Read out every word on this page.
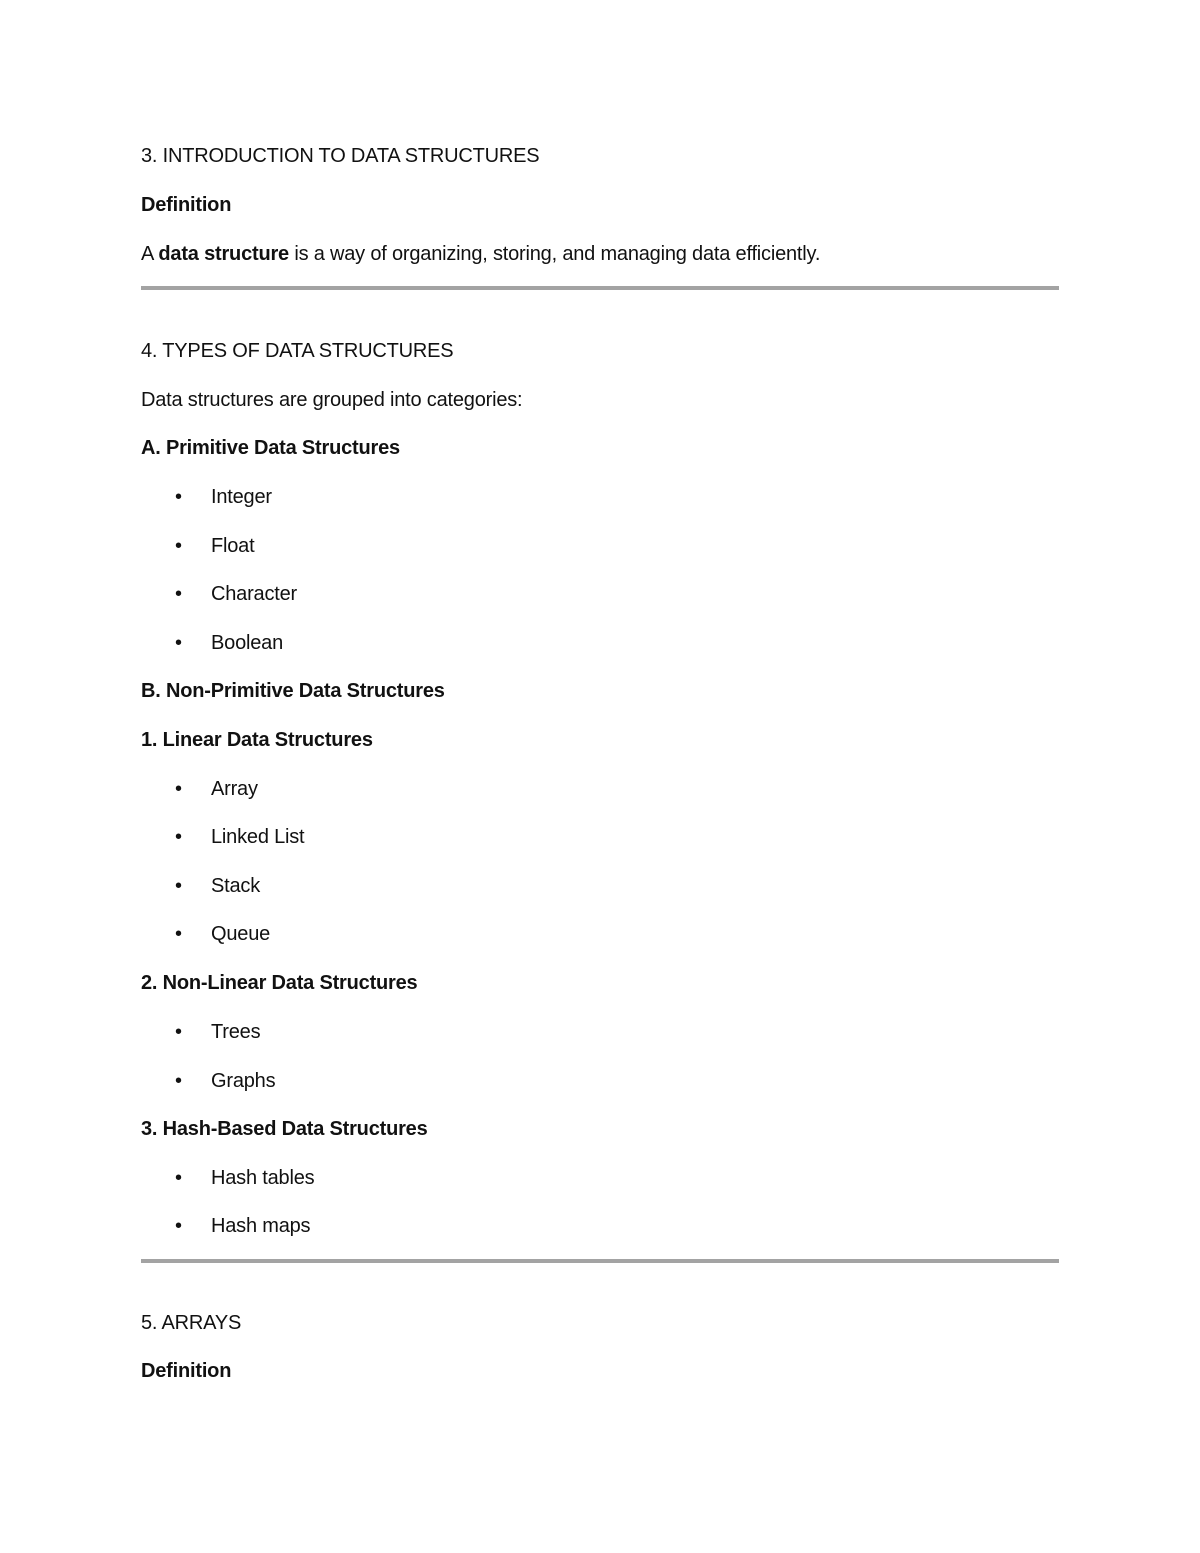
3. INTRODUCTION TO DATA STRUCTURES
Definition
A data structure is a way of organizing, storing, and managing data efficiently.
4. TYPES OF DATA STRUCTURES
Data structures are grouped into categories:
A. Primitive Data Structures
• Integer
• Float
• Character
• Boolean
B. Non-Primitive Data Structures
1. Linear Data Structures
• Array
• Linked List
• Stack
• Queue
2. Non-Linear Data Structures
• Trees
• Graphs
3. Hash-Based Data Structures
• Hash tables
• Hash maps
5. ARRAYS
Definition
